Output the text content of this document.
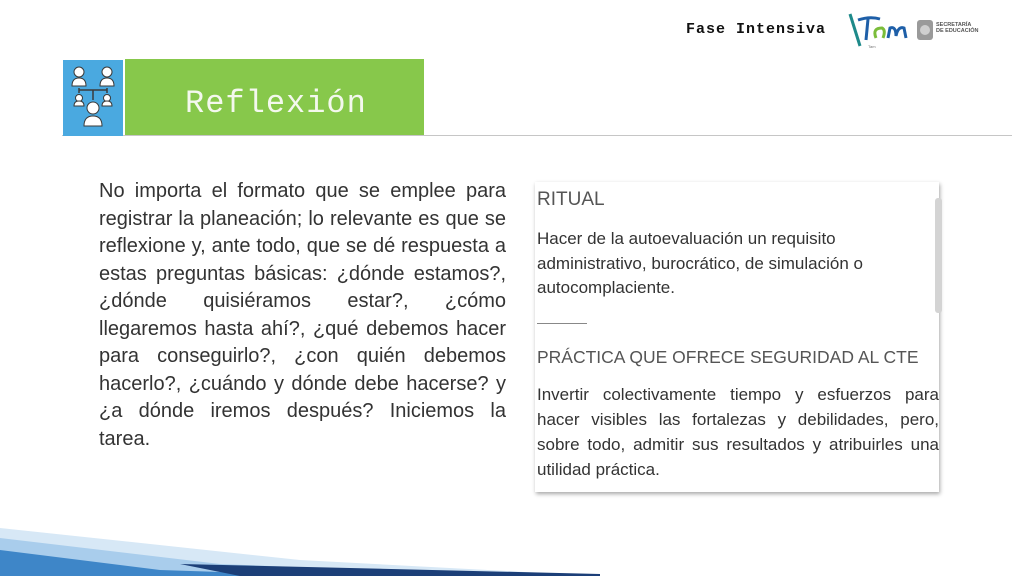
Fase Intensiva
Tam
SECRETARÍA
DE EDUCACIÓN
Reflexión
No importa el formato que se emplee para registrar la planeación; lo relevante es que se reflexione y, ante todo, que se dé respuesta a estas preguntas básicas: ¿dónde estamos?, ¿dónde quisiéramos estar?, ¿cómo llegaremos hasta ahí?, ¿qué debemos hacer para conseguirlo?, ¿con quién debemos hacerlo?, ¿cuándo y dónde debe hacerse? y ¿a dónde iremos después? Iniciemos la tarea.
RITUAL
Hacer de la autoevaluación un requisito administrativo, burocrático, de simulación o autocomplaciente.
PRÁCTICA QUE OFRECE SEGURIDAD AL CTE
Invertir colectivamente tiempo y esfuerzos para hacer visibles las fortalezas y debilidades, pero, sobre todo, admitir sus resultados y atribuirles una utilidad práctica.
